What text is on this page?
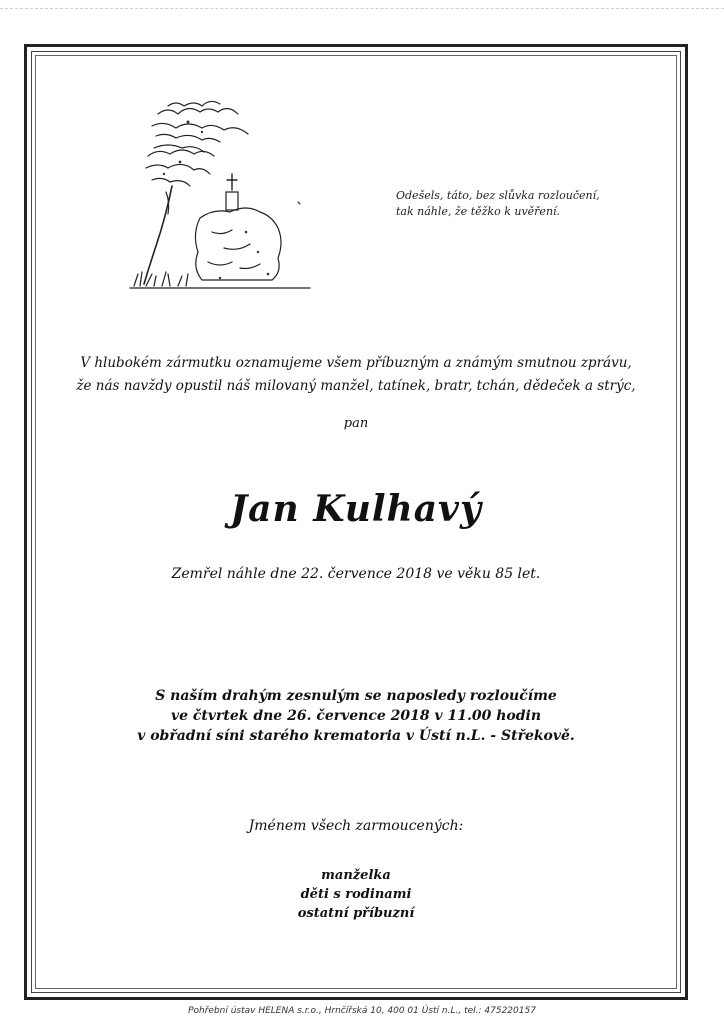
Odešels, táto, bez slůvka rozloučení,
tak náhle, že těžko k uvěření.
V hlubokém zármutku oznamujeme všem příbuzným a známým smutnou zprávu,
že nás navždy opustil náš milovaný manžel, tatínek, bratr, tchán, dědeček a strýc,
pan
Jan Kulhavý
Zemřel náhle dne 22. července 2018 ve věku 85 let.
S naším drahým zesnulým se naposledy rozloučíme
ve čtvrtek dne 26. července 2018 v 11.00 hodin
v obřadní síni starého krematoria v Ústí n.L. - Střekově.
Jménem všech zarmoucených:
manželka
děti s rodinami
ostatní příbuzní
Pohřební ústav HELENA s.r.o., Hrnčířská 10, 400 01 Ústí n.L., tel.: 475220157
